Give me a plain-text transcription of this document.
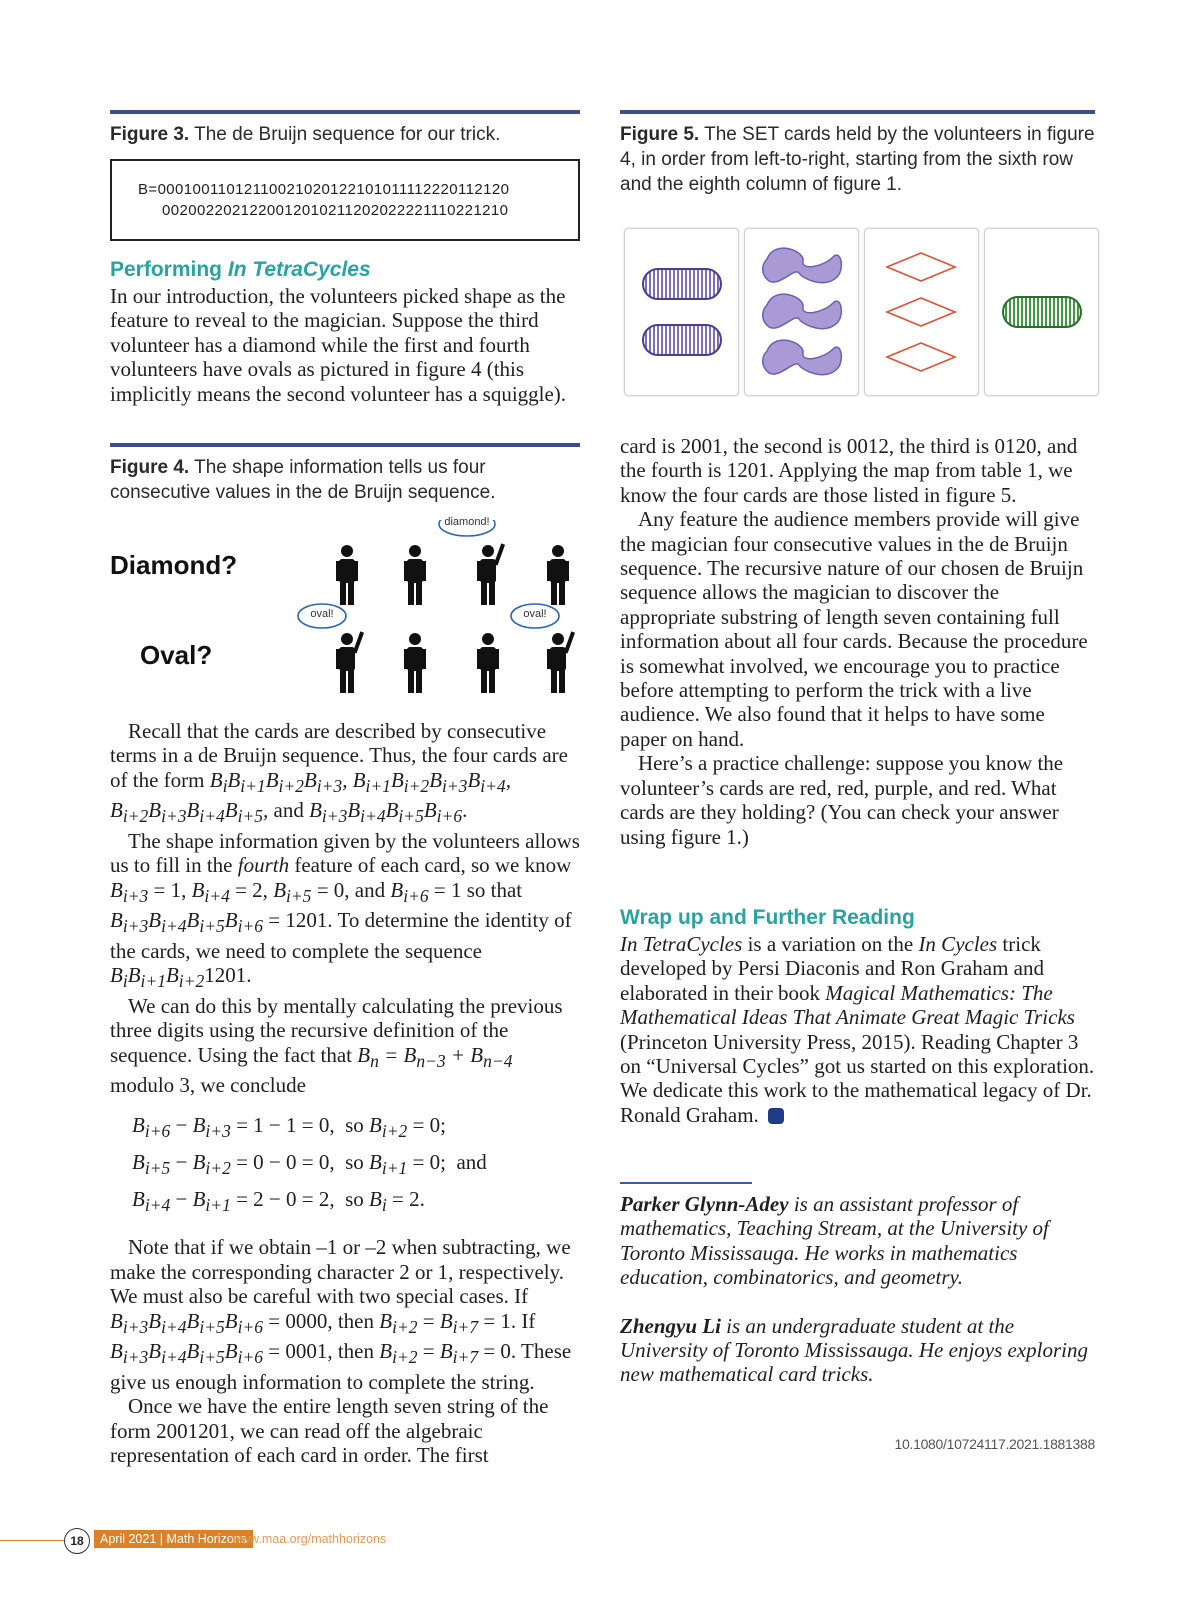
Figure 3. The de Bruijn sequence for our trick.
B=0001001101211002102012210101111222011212​0
00200220212200120102112020222211102212​10
Performing In TetraCycles
In our introduction, the volunteers picked shape as the feature to reveal to the magician. Suppose the third volunteer has a diamond while the first and fourth volunteers have ovals as pictured in figure 4 (this implicitly means the second volunteer has a squiggle).
Figure 4. The shape information tells us four consecutive values in the de Bruijn sequence.
Diamond?
Oval?
diamond!
oval!	oval!

Recall that the cards are described by consecutive terms in a de Bruijn sequence. Thus, the four cards are of the form $B_iB_{i+1}B_{i+2}B_{i+3}$, $B_{i+1}B_{i+2}B_{i+3}B_{i+4}$, $B_{i+2}B_{i+3}B_{i+4}B_{i+5}$, and $B_{i+3}B_{i+4}B_{i+5}B_{i+6}$.

The shape information given by the volunteers allows us to fill in the fourth feature of each card, so we know $B_{i+3} = 1$, $B_{i+4} = 2$, $B_{i+5} = 0$, and $B_{i+6} = 1$ so that $B_{i+3}B_{i+4}B_{i+5}B_{i+6} = 1201$. To determine the identity of the cards, we need to complete the sequence $B_iB_{i+1}B_{i+2}1201$.

We can do this by mentally calculating the previous three digits using the recursive definition of the sequence. Using the fact that $B_n = B_{n-3} + B_{n-4}$ modulo 3, we conclude

$B_{i+6} - B_{i+3} = 1 - 1 = 0$,  so $B_{i+2} = 0$;
$B_{i+5} - B_{i+2} = 0 - 0 = 0$,  so $B_{i+1} = 0$;  and
$B_{i+4} - B_{i+1} = 2 - 0 = 2$,  so $B_i = 2$.

Note that if we obtain –1 or –2 when subtracting, we make the corresponding character 2 or 1, respectively. We must also be careful with two special cases. If $B_{i+3}B_{i+4}B_{i+5}B_{i+6} = 0000$, then $B_{i+2} = B_{i+7} = 1$. If $B_{i+3}B_{i+4}B_{i+5}B_{i+6} = 0001$, then $B_{i+2} = B_{i+7} = 0$. These give us enough information to complete the string.

Once we have the entire length seven string of the form 2001201, we can read off the algebraic representation of each card in order. The first

Figure 5. The SET cards held by the volunteers in figure 4, in order from left-to-right, starting from the sixth row and the eighth column of figure 1.

card is 2001, the second is 0012, the third is 0120, and the fourth is 1201. Applying the map from table 1, we know the four cards are those listed in figure 5.

Any feature the audience members provide will give the magician four consecutive values in the de Bruijn sequence. The recursive nature of our chosen de Bruijn sequence allows the magician to discover the appropriate substring of length seven containing full information about all four cards. Because the procedure is somewhat involved, we encourage you to practice before attempting to perform the trick with a live audience. We also found that it helps to have some paper on hand.

Here’s a practice challenge: suppose you know the volunteer’s cards are red, red, purple, and red. What cards are they holding? (You can check your answer using figure 1.)

Wrap up and Further Reading
In TetraCycles is a variation on the In Cycles trick developed by Persi Diaconis and Ron Graham and elaborated in their book Magical Mathematics: The Mathematical Ideas That Animate Great Magic Tricks (Princeton University Press, 2015). Reading Chapter 3 on “Universal Cycles” got us started on this exploration. We dedicate this work to the mathematical legacy of Dr. Ronald Graham.
Parker Glynn-Adey is an assistant professor of mathematics, Teaching Stream, at the University of Toronto Mississauga. He works in mathematics education, combinatorics, and geometry.
Zhengyu Li is an undergraduate student at the University of Toronto Mississauga. He enjoys exploring new mathematical card tricks.
10.1080/10724117.2021.1881388
18	April 2021 | Math Horizons
www.maa.org/mathhorizons
